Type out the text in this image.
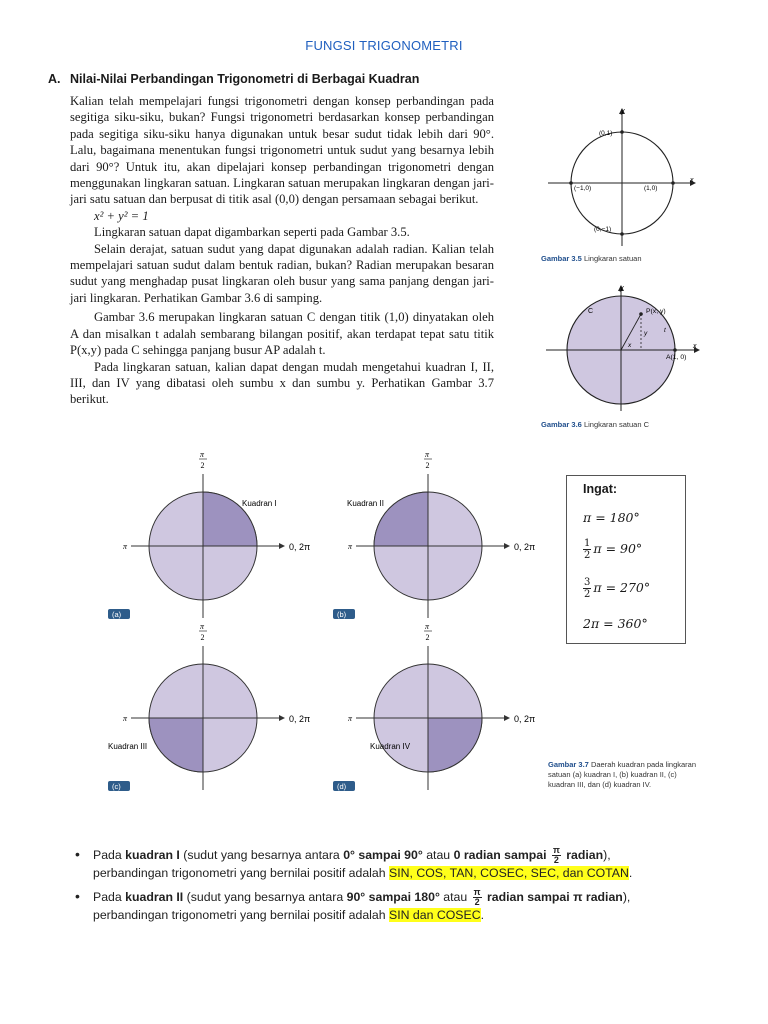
FUNGSI TRIGONOMETRI
A. Nilai-Nilai Perbandingan Trigonometri di Berbagai Kuadran

Kalian telah mempelajari fungsi trigonometri dengan konsep perbandingan pada segitiga siku-siku, bukan? Fungsi trigonometri berdasarkan konsep perbandingan pada segitiga siku-siku hanya digunakan untuk besar sudut tidak lebih dari 90°. Lalu, bagaimana menentukan fungsi trigonometri untuk sudut yang besarnya lebih dari 90°? Untuk itu, akan dipelajari konsep perbandingan trigonometri dengan menggunakan lingkaran satuan. Lingkaran satuan merupakan lingkaran dengan jari-jari satu satuan dan berpusat di titik asal (0,0) dengan persamaan sebagai berikut.

x² + y² = 1

Lingkaran satuan dapat digambarkan seperti pada Gambar 3.5.

Selain derajat, satuan sudut yang dapat digunakan adalah radian. Kalian telah mempelajari satuan sudut dalam bentuk radian, bukan? Radian merupakan besaran sudut yang menghadap pusat lingkaran oleh busur yang sama panjang dengan jari-jari lingkaran. Perhatikan Gambar 3.6 di samping.

Gambar 3.6 merupakan lingkaran satuan C dengan titik (1,0) dinyatakan oleh A dan misalkan t adalah sembarang bilangan positif, akan terdapat tepat satu titik P(x,y) pada C sehingga panjang busur AP adalah t.

Pada lingkaran satuan, kalian dapat dengan mudah mengetahui kuadran I, II, III, dan IV yang dibatasi oleh sumbu x dan sumbu y. Perhatikan Gambar 3.7 berikut.

y
x
(0,1)
(−1,0)	(1,0)
(0,−1)
Gambar 3.5 Lingkaran satuan
y
x
C	P(x, y)
t
y
x
A(1, 0)
Gambar 3.6 Lingkaran satuan C
π
2
π	0, 2π
Kuadran I
(a)
π
2
π	0, 2π
Kuadran II
(b)
π
2
π	0, 2π
Kuadran III
(c)
π
2
π	0, 2π
Kuadran IV
(d)
Gambar 3.7 Daerah kuadran pada lingkaran satuan (a) kuadran I, (b) kuadran II, (c) kuadran III, dan (d) kuadran IV.
Ingat:
π = 180°
$\frac{1}{2}$ π = 90°
$\frac{3}{2}$ π = 270°
2π = 360°
• Pada kuadran I (sudut yang besarnya antara 0° sampai 90° atau 0 radian sampai $\frac{\pi}{2}$ radian),
perbandingan trigonometri yang bernilai positif adalah SIN, COS, TAN, COSEC, SEC, dan COTAN.
• Pada kuadran II (sudut yang besarnya antara 90° sampai 180° atau $\frac{\pi}{2}$ radian sampai π radian),
perbandingan trigonometri yang bernilai positif adalah SIN dan COSEC.
